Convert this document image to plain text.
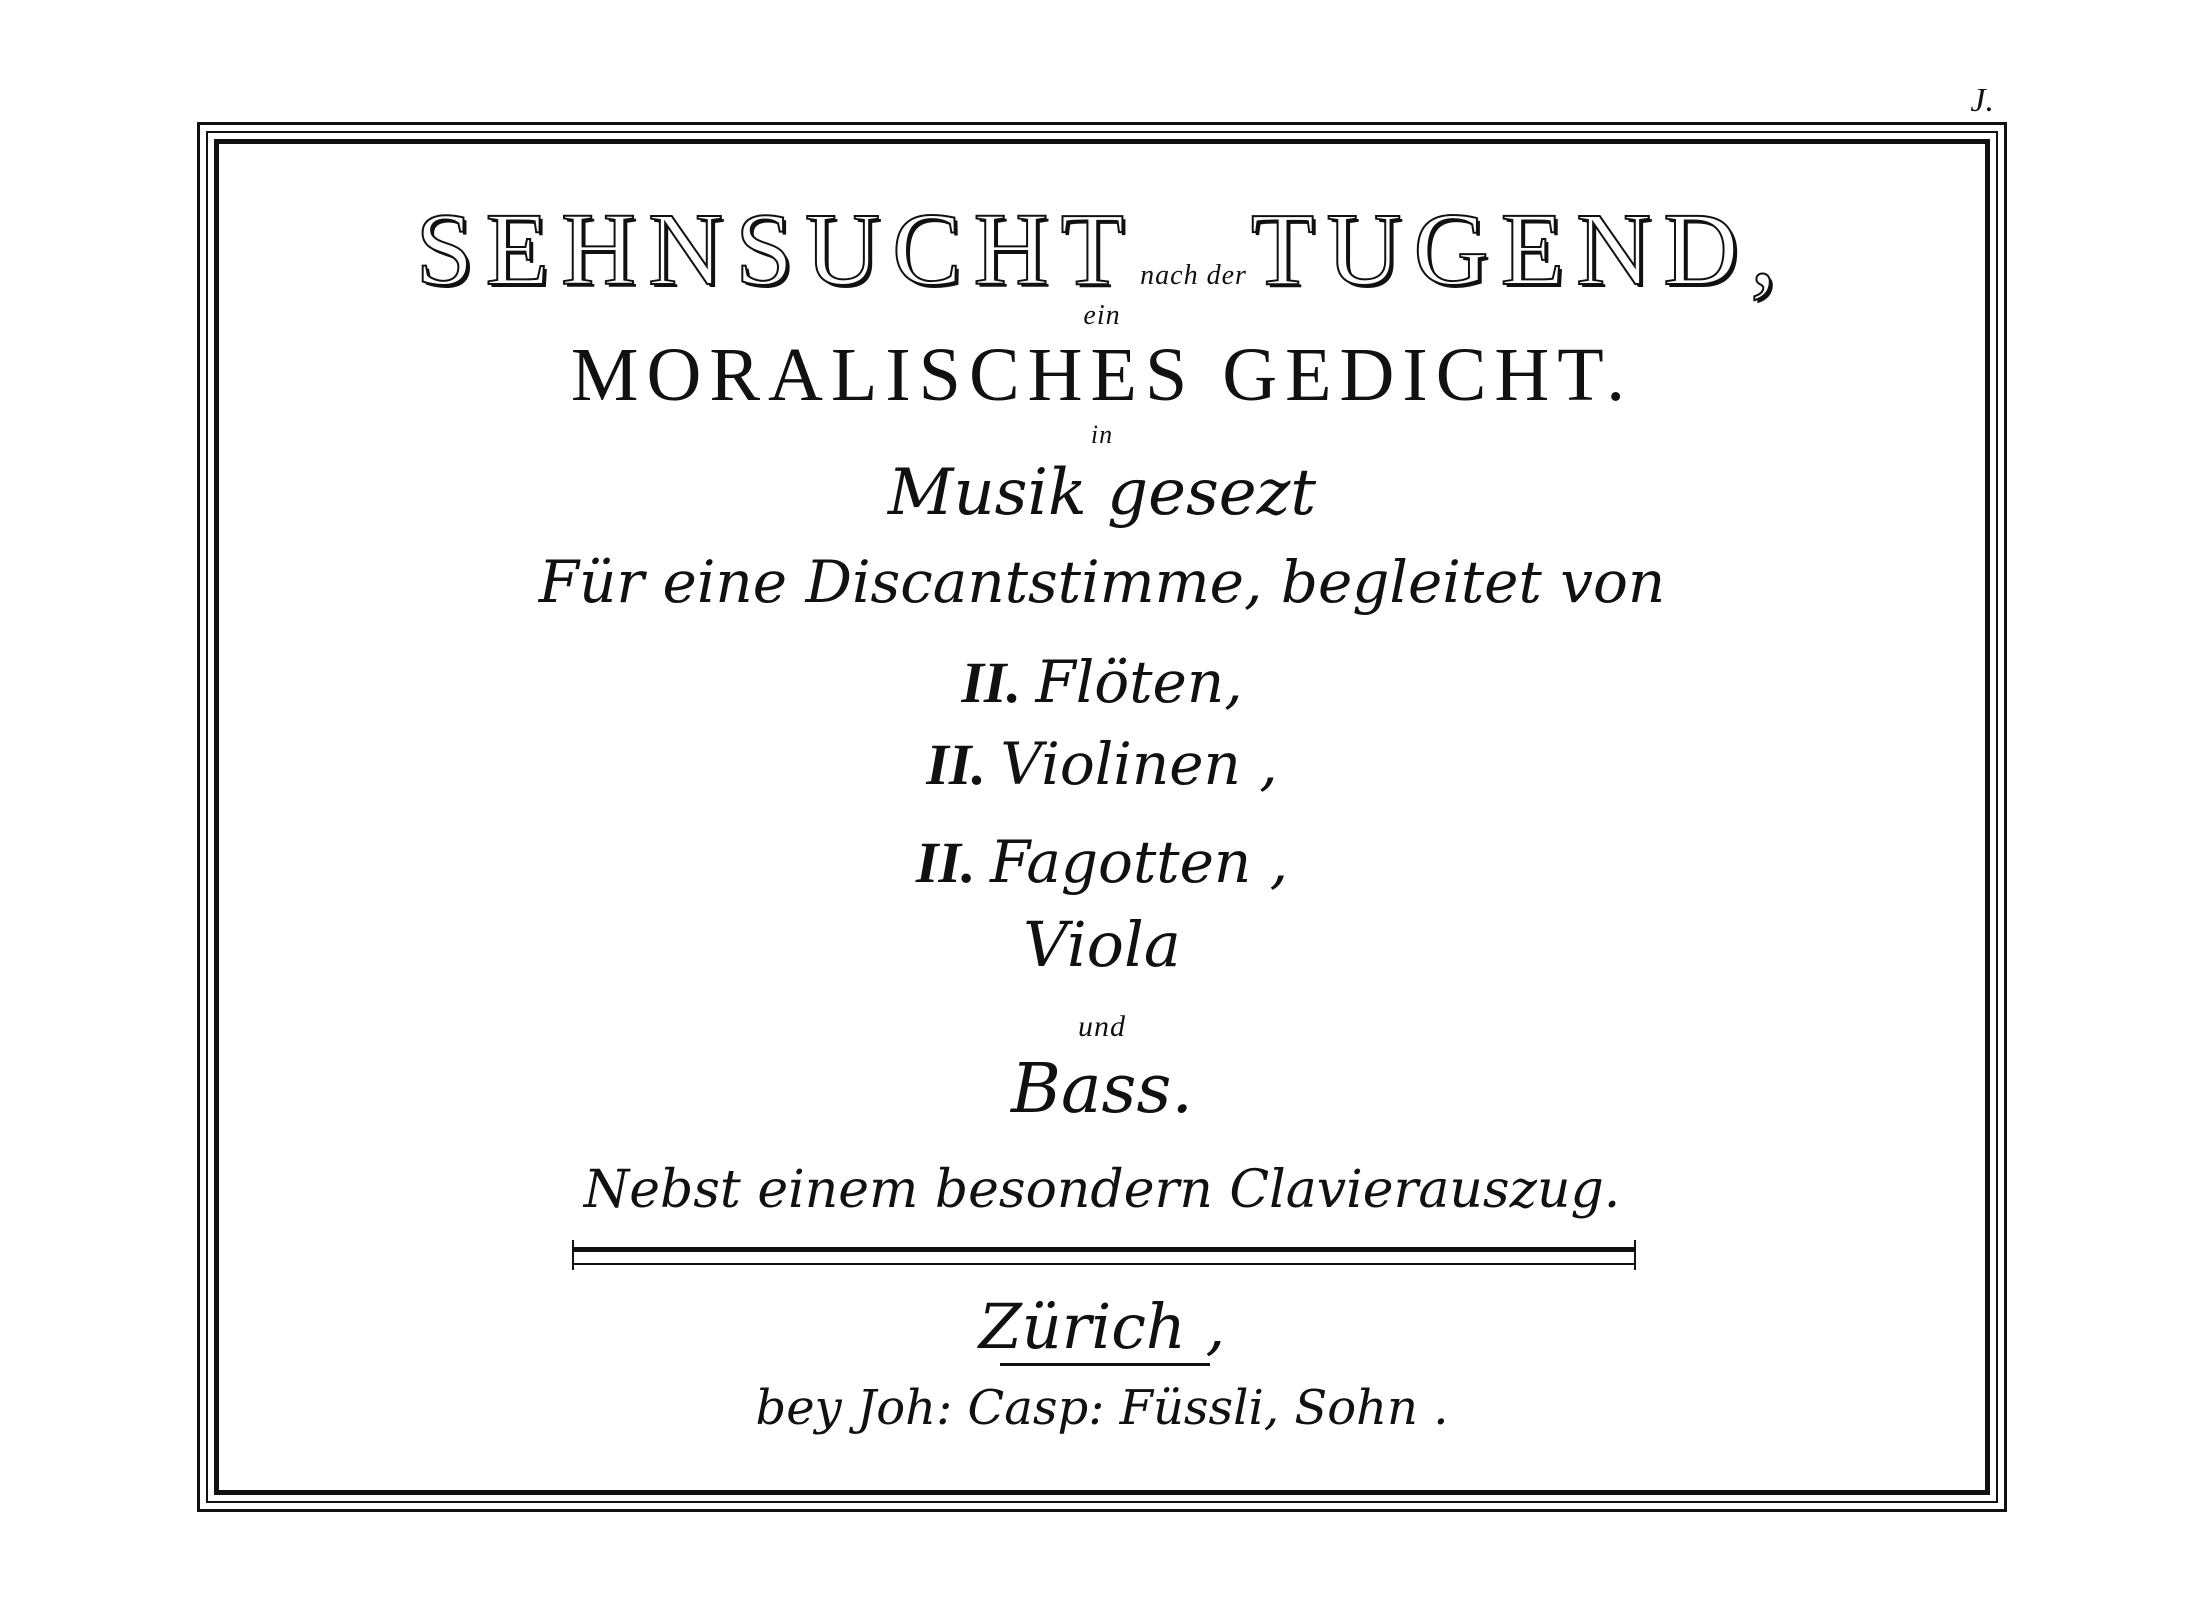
J.
SEHNSUCHT nach der TUGEND,
ein
MORALISCHES GEDICHT.
in
Musik gesezt
Für eine Discantstimme, begleitet von
II. Flöten,
II. Violinen ,
II. Fagotten ,
Viola
und
Bass.
Nebst einem besondern Clavierauszug.
Zürich ,
bey Joh: Casp: Füssli, Sohn .
